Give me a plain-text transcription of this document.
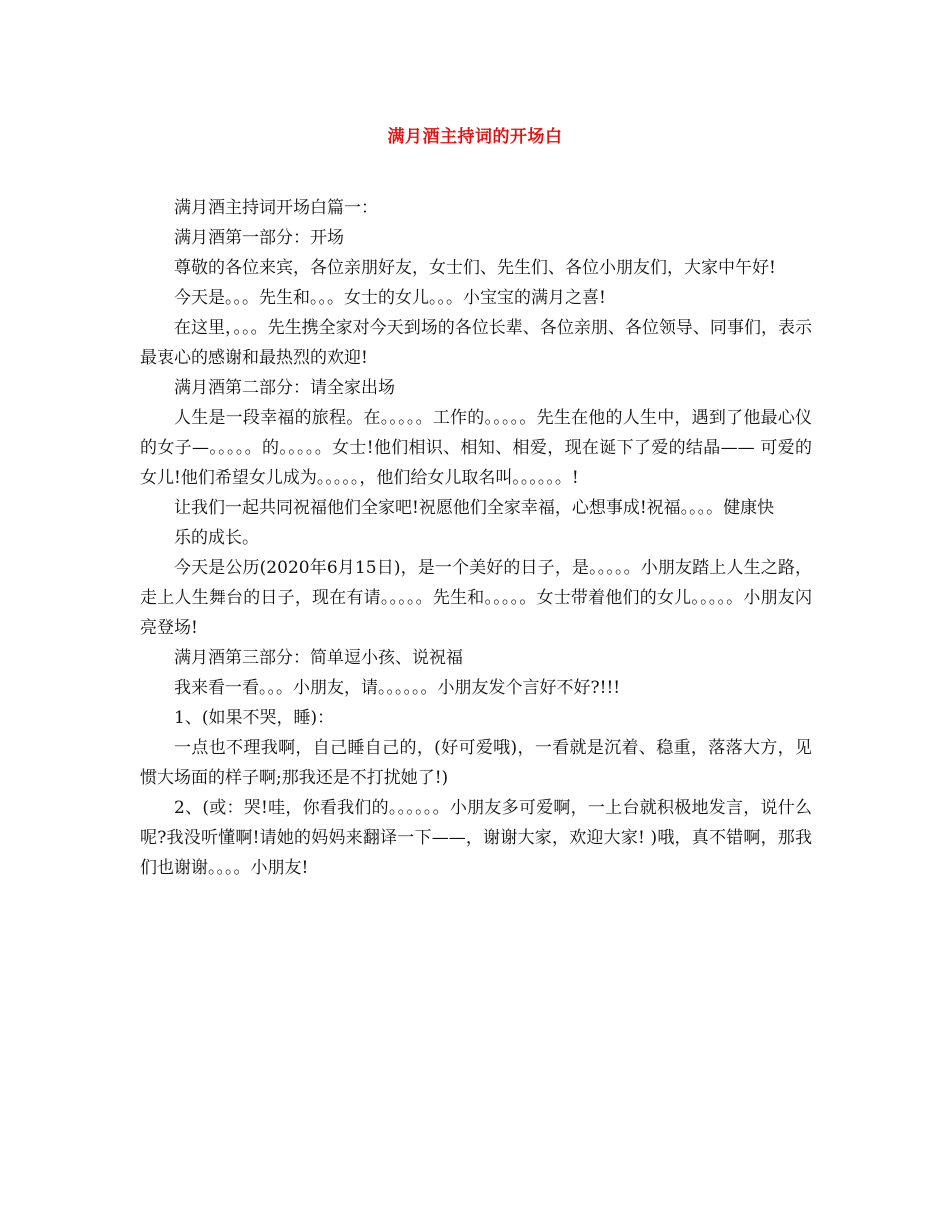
满月酒主持词的开场白

满月酒主持词开场白篇一：

满月酒第一部分：开场

尊敬的各位来宾，各位亲朋好友，女士们、先生们、各位小朋友们，大家中午好!

今天是。。。先生和。。。女士的女儿。。。小宝宝的满月之喜!

在这里，。。。先生携全家对今天到场的各位长辈、各位亲朋、各位领导、同事们，表示最衷心的感谢和最热烈的欢迎!

满月酒第二部分：请全家出场

人生是一段幸福的旅程。在。。。。。工作的。。。。。先生在他的人生中，遇到了他最心仪的女子—。。。。。的。。。。。女士!他们相识、相知、相爱，现在诞下了爱的结晶—— 可爱的女儿!他们希望女儿成为。。。。。，他们给女儿取名叫。。。。。。!

让我们一起共同祝福他们全家吧!祝愿他们全家幸福，心想事成!祝福。。。。健康快

乐的成长。

今天是公历(2020年6月15日)，是一个美好的日子，是。。。。。小朋友踏上人生之路，走上人生舞台的日子，现在有请。。。。。先生和。。。。。女士带着他们的女儿。。。。。小朋友闪亮登场!

满月酒第三部分：简单逗小孩、说祝福

我来看一看。。。小朋友，请。。。。。。小朋友发个言好不好?!!!

1、(如果不哭，睡)：

一点也不理我啊，自己睡自己的，(好可爱哦)，一看就是沉着、稳重，落落大方，见惯大场面的样子啊;那我还是不打扰她了!)

2、(或：哭!哇，你看我们的。。。。。。小朋友多可爱啊，一上台就积极地发言，说什么呢?我没听懂啊!请她的妈妈来翻译一下——，谢谢大家，欢迎大家! )哦，真不错啊，那我们也谢谢。。。。小朋友!
